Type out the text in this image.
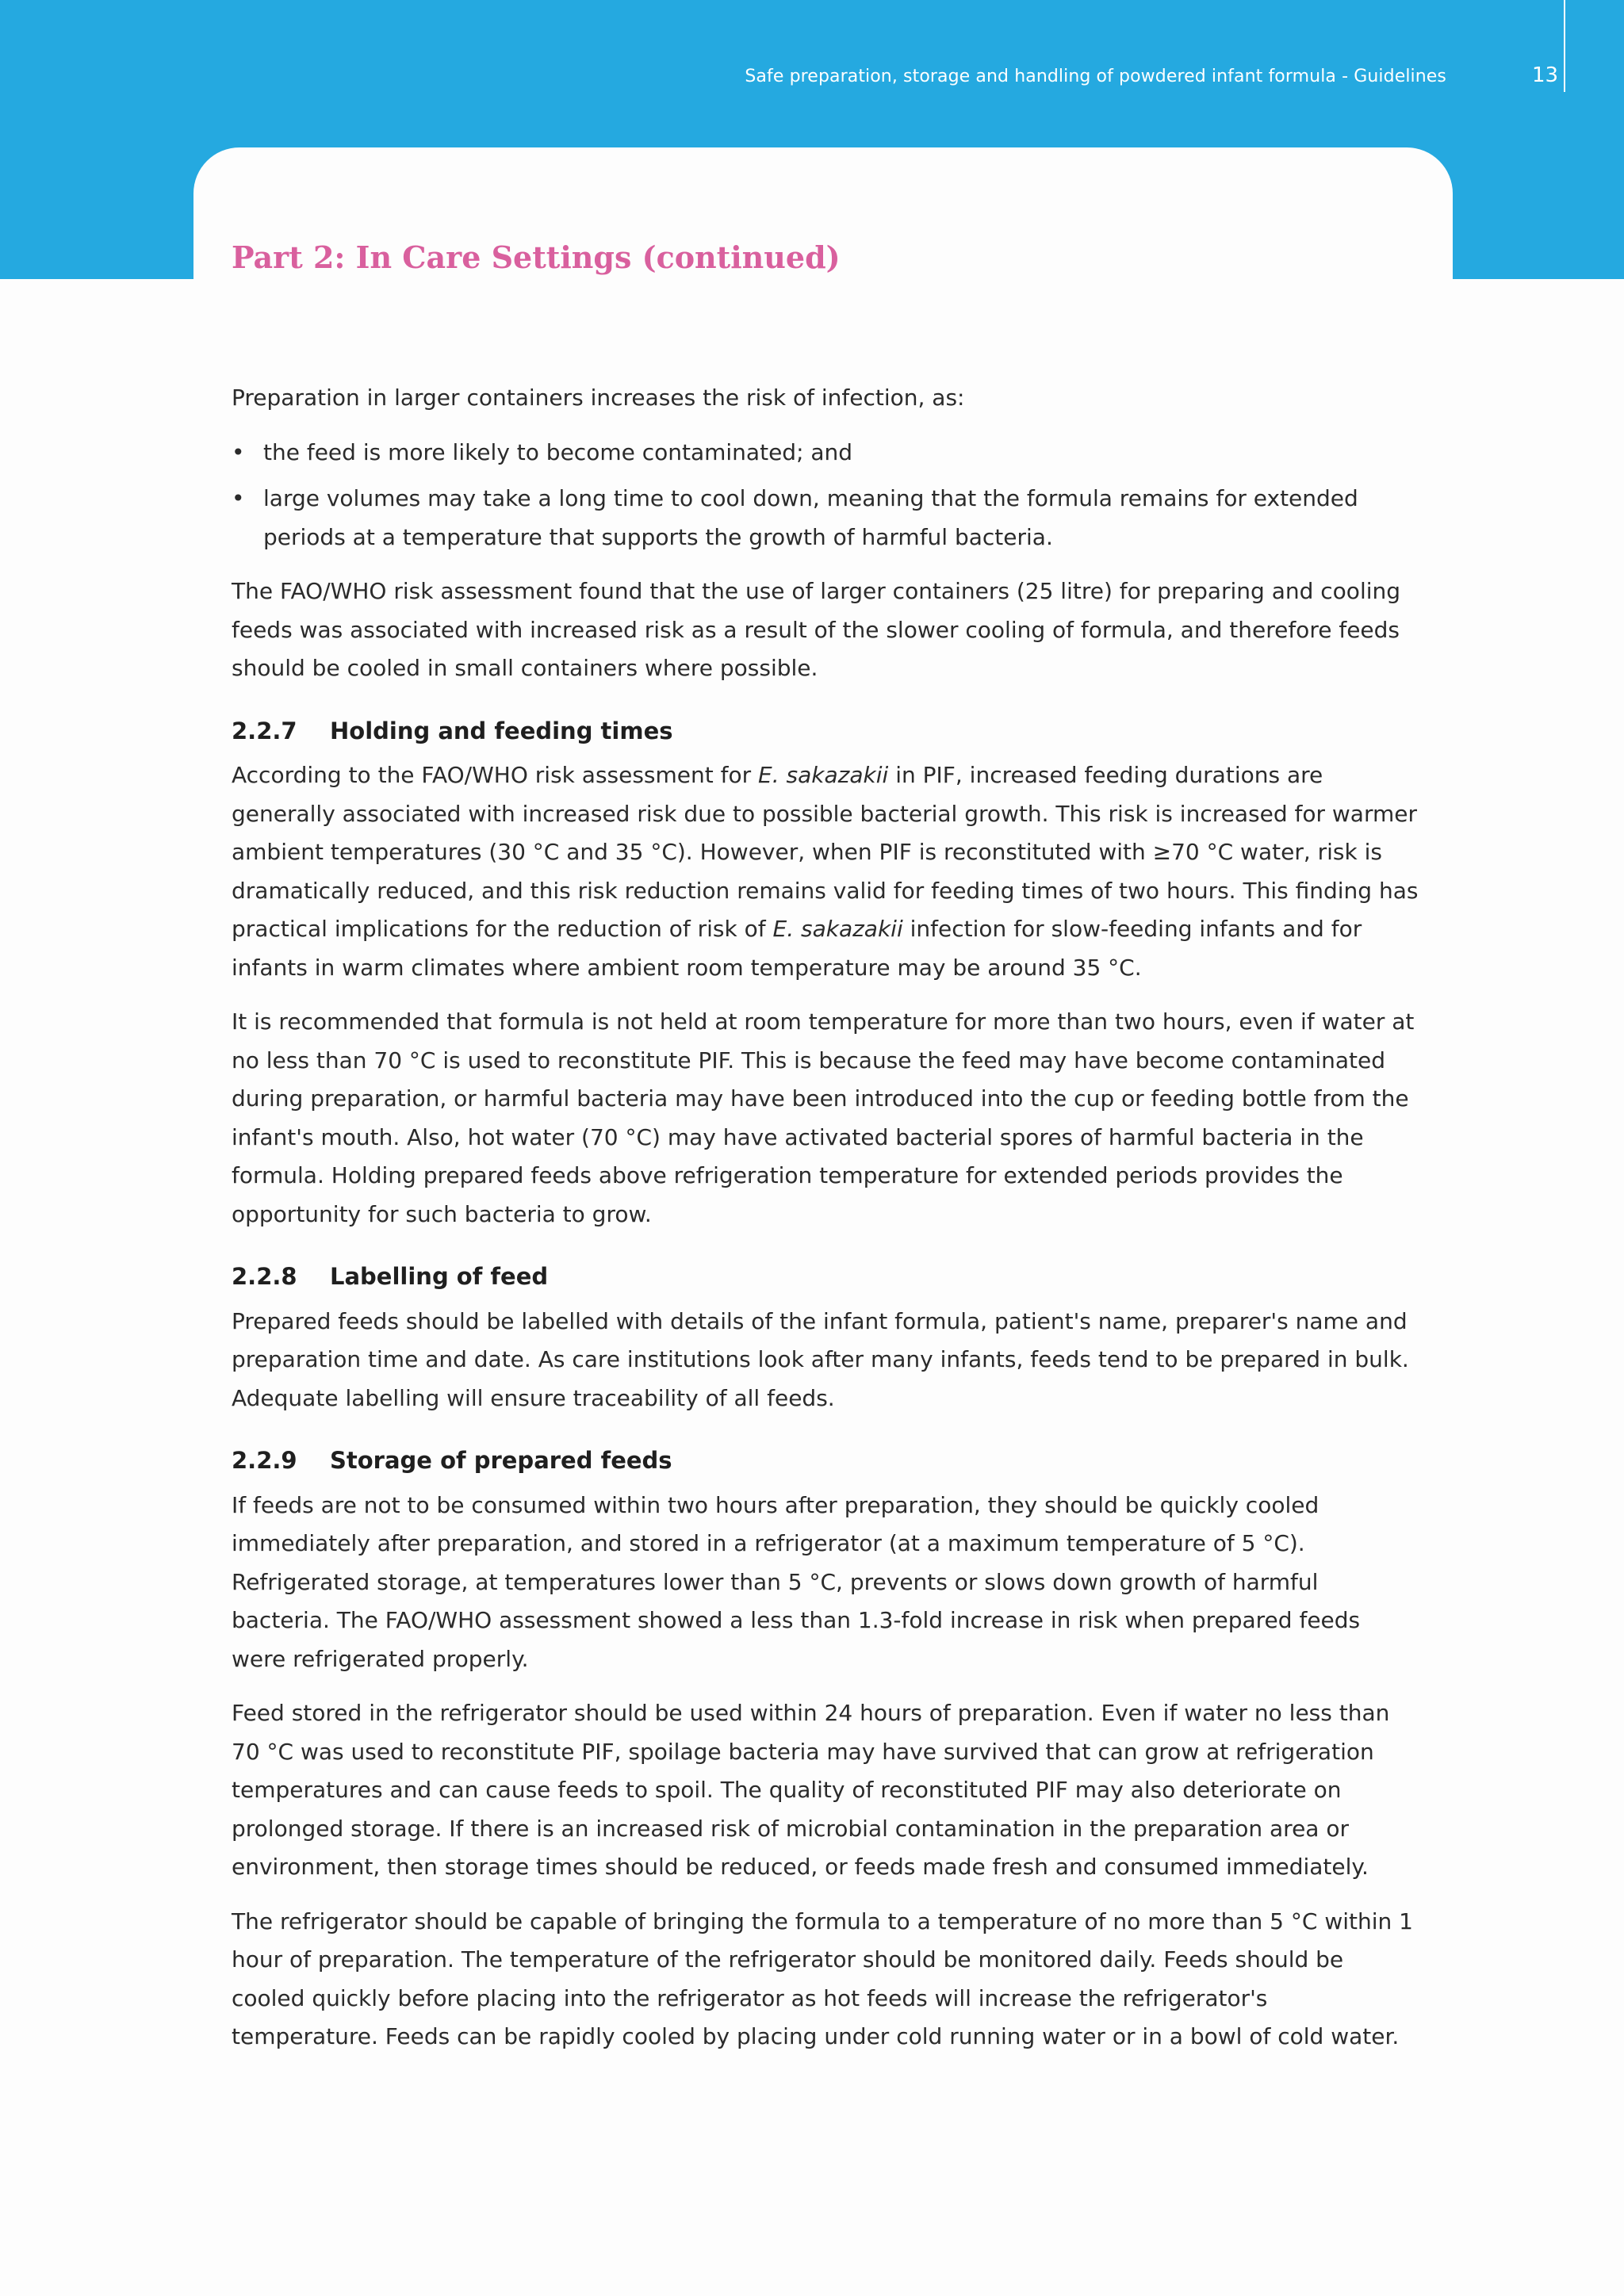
Safe preparation, storage and handling of powdered infant formula - Guidelines	13
Part 2: In Care Settings (continued)

Preparation in larger containers increases the risk of infection, as:

• the feed is more likely to become contaminated; and
• large volumes may take a long time to cool down, meaning that the formula remains for extended periods at a temperature that supports the growth of harmful bacteria.

The FAO/WHO risk assessment found that the use of larger containers (25 litre) for preparing and cooling feeds was associated with increased risk as a result of the slower cooling of formula, and therefore feeds should be cooled in small containers where possible.

2.2.7 Holding and feeding times

According to the FAO/WHO risk assessment for E. sakazakii in PIF, increased feeding durations are generally associated with increased risk due to possible bacterial growth. This risk is increased for warmer ambient temperatures (30 °C and 35 °C). However, when PIF is reconstituted with ≥70 °C water, risk is dramatically reduced, and this risk reduction remains valid for feeding times of two hours. This finding has practical implications for the reduction of risk of E. sakazakii infection for slow-feeding infants and for infants in warm climates where ambient room temperature may be around 35 °C.

It is recommended that formula is not held at room temperature for more than two hours, even if water at no less than 70 °C is used to reconstitute PIF. This is because the feed may have become contaminated during preparation, or harmful bacteria may have been introduced into the cup or feeding bottle from the infant's mouth. Also, hot water (70 °C) may have activated bacterial spores of harmful bacteria in the formula. Holding prepared feeds above refrigeration temperature for extended periods provides the opportunity for such bacteria to grow.

2.2.8 Labelling of feed

Prepared feeds should be labelled with details of the infant formula, patient's name, preparer's name and preparation time and date. As care institutions look after many infants, feeds tend to be prepared in bulk. Adequate labelling will ensure traceability of all feeds.

2.2.9 Storage of prepared feeds

If feeds are not to be consumed within two hours after preparation, they should be quickly cooled immediately after preparation, and stored in a refrigerator (at a maximum temperature of 5 °C). Refrigerated storage, at temperatures lower than 5 °C, prevents or slows down growth of harmful bacteria. The FAO/WHO assessment showed a less than 1.3-fold increase in risk when prepared feeds were refrigerated properly.

Feed stored in the refrigerator should be used within 24 hours of preparation. Even if water no less than 70 °C was used to reconstitute PIF, spoilage bacteria may have survived that can grow at refrigeration temperatures and can cause feeds to spoil. The quality of reconstituted PIF may also deteriorate on prolonged storage. If there is an increased risk of microbial contamination in the preparation area or environment, then storage times should be reduced, or feeds made fresh and consumed immediately.

The refrigerator should be capable of bringing the formula to a temperature of no more than 5 °C within 1 hour of preparation. The temperature of the refrigerator should be monitored daily. Feeds should be cooled quickly before placing into the refrigerator as hot feeds will increase the refrigerator's temperature. Feeds can be rapidly cooled by placing under cold running water or in a bowl of cold water.
